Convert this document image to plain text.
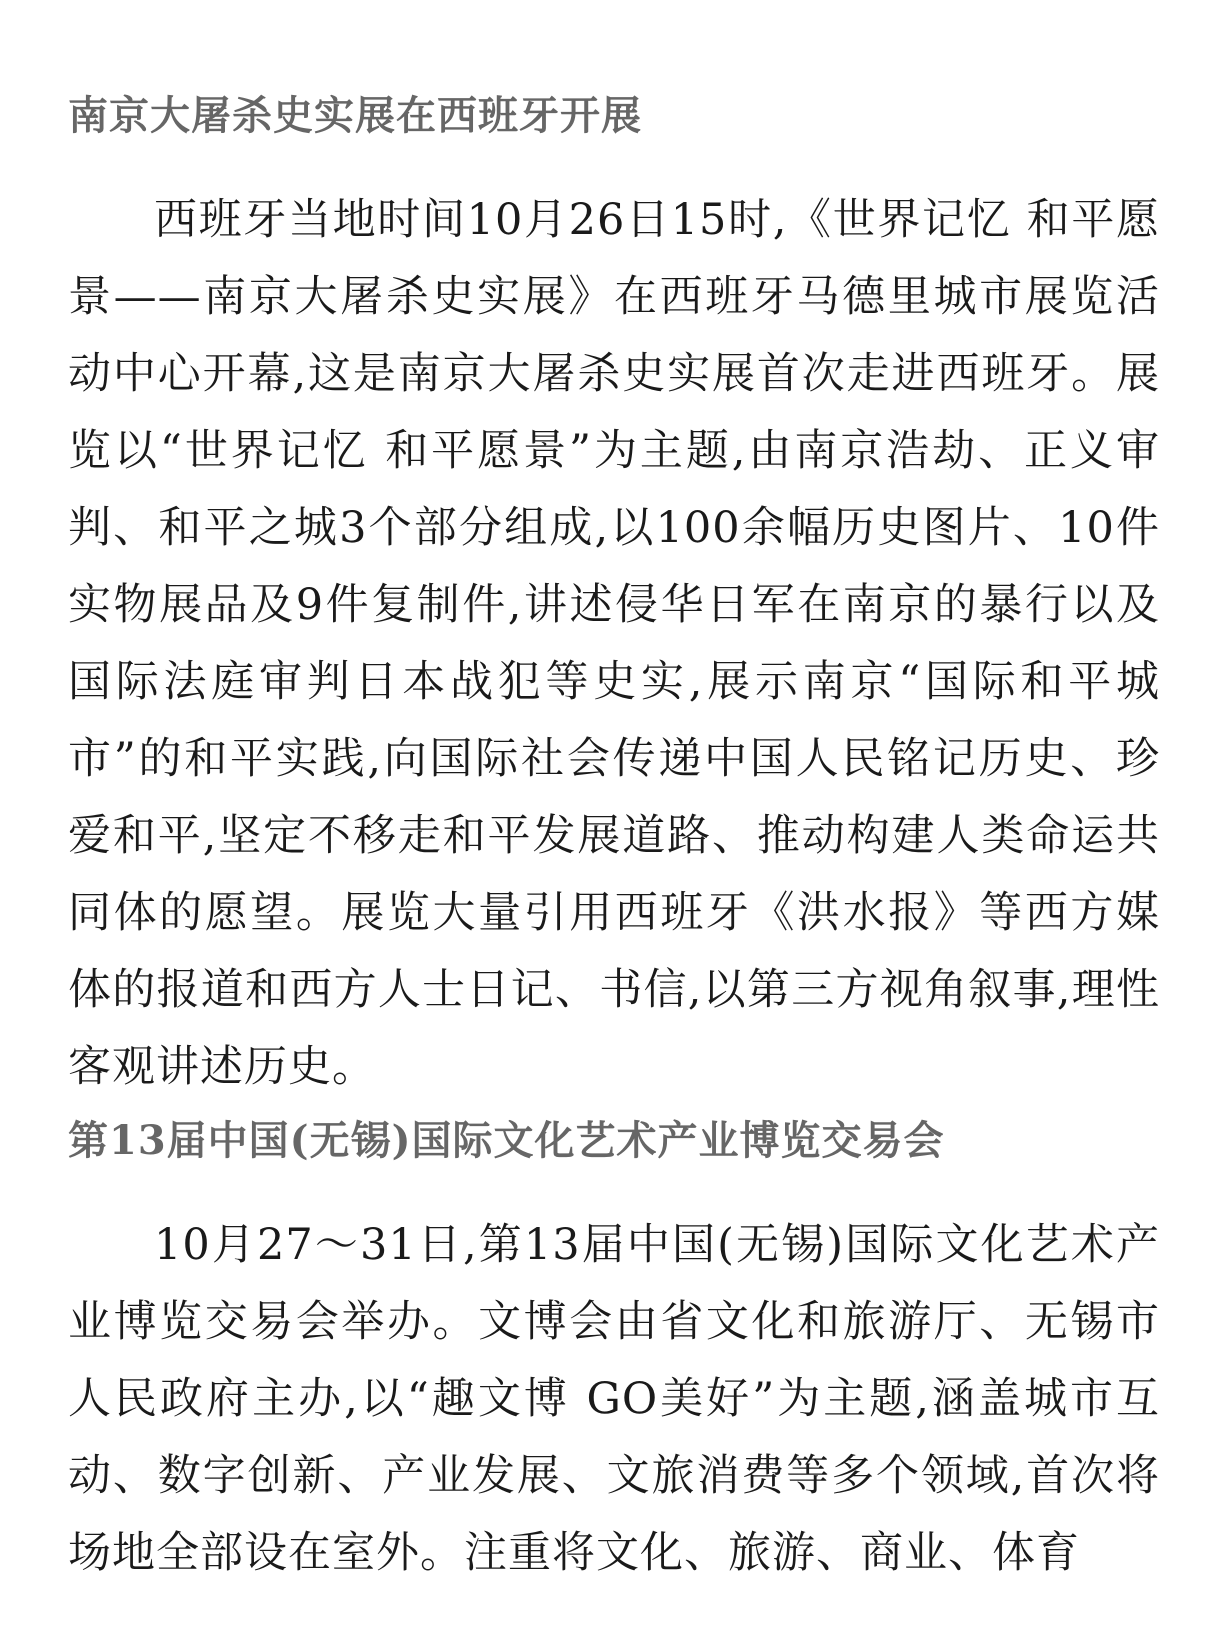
南京大屠杀史实展在西班牙开展

西班牙当地时间10月26日15时,《世界记忆 和平愿景——南京大屠杀史实展》在西班牙马德里城市展览活动中心开幕,这是南京大屠杀史实展首次走进西班牙。展览以“世界记忆 和平愿景”为主题,由南京浩劫、正义审判、和平之城3个部分组成,以100余幅历史图片、10件实物展品及9件复制件,讲述侵华日军在南京的暴行以及国际法庭审判日本战犯等史实,展示南京“国际和平城市”的和平实践,向国际社会传递中国人民铭记历史、珍爱和平,坚定不移走和平发展道路、推动构建人类命运共同体的愿望。展览大量引用西班牙《洪水报》等西方媒体的报道和西方人士日记、书信,以第三方视角叙事,理性客观讲述历史。

第13届中国(无锡)国际文化艺术产业博览交易会

10月27～31日,第13届中国(无锡)国际文化艺术产业博览交易会举办。文博会由省文化和旅游厅、无锡市人民政府主办,以“趣文博 GO美好”为主题,涵盖城市互动、数字创新、产业发展、文旅消费等多个领域,首次将场地全部设在室外。注重将文化、旅游、商业、体育
